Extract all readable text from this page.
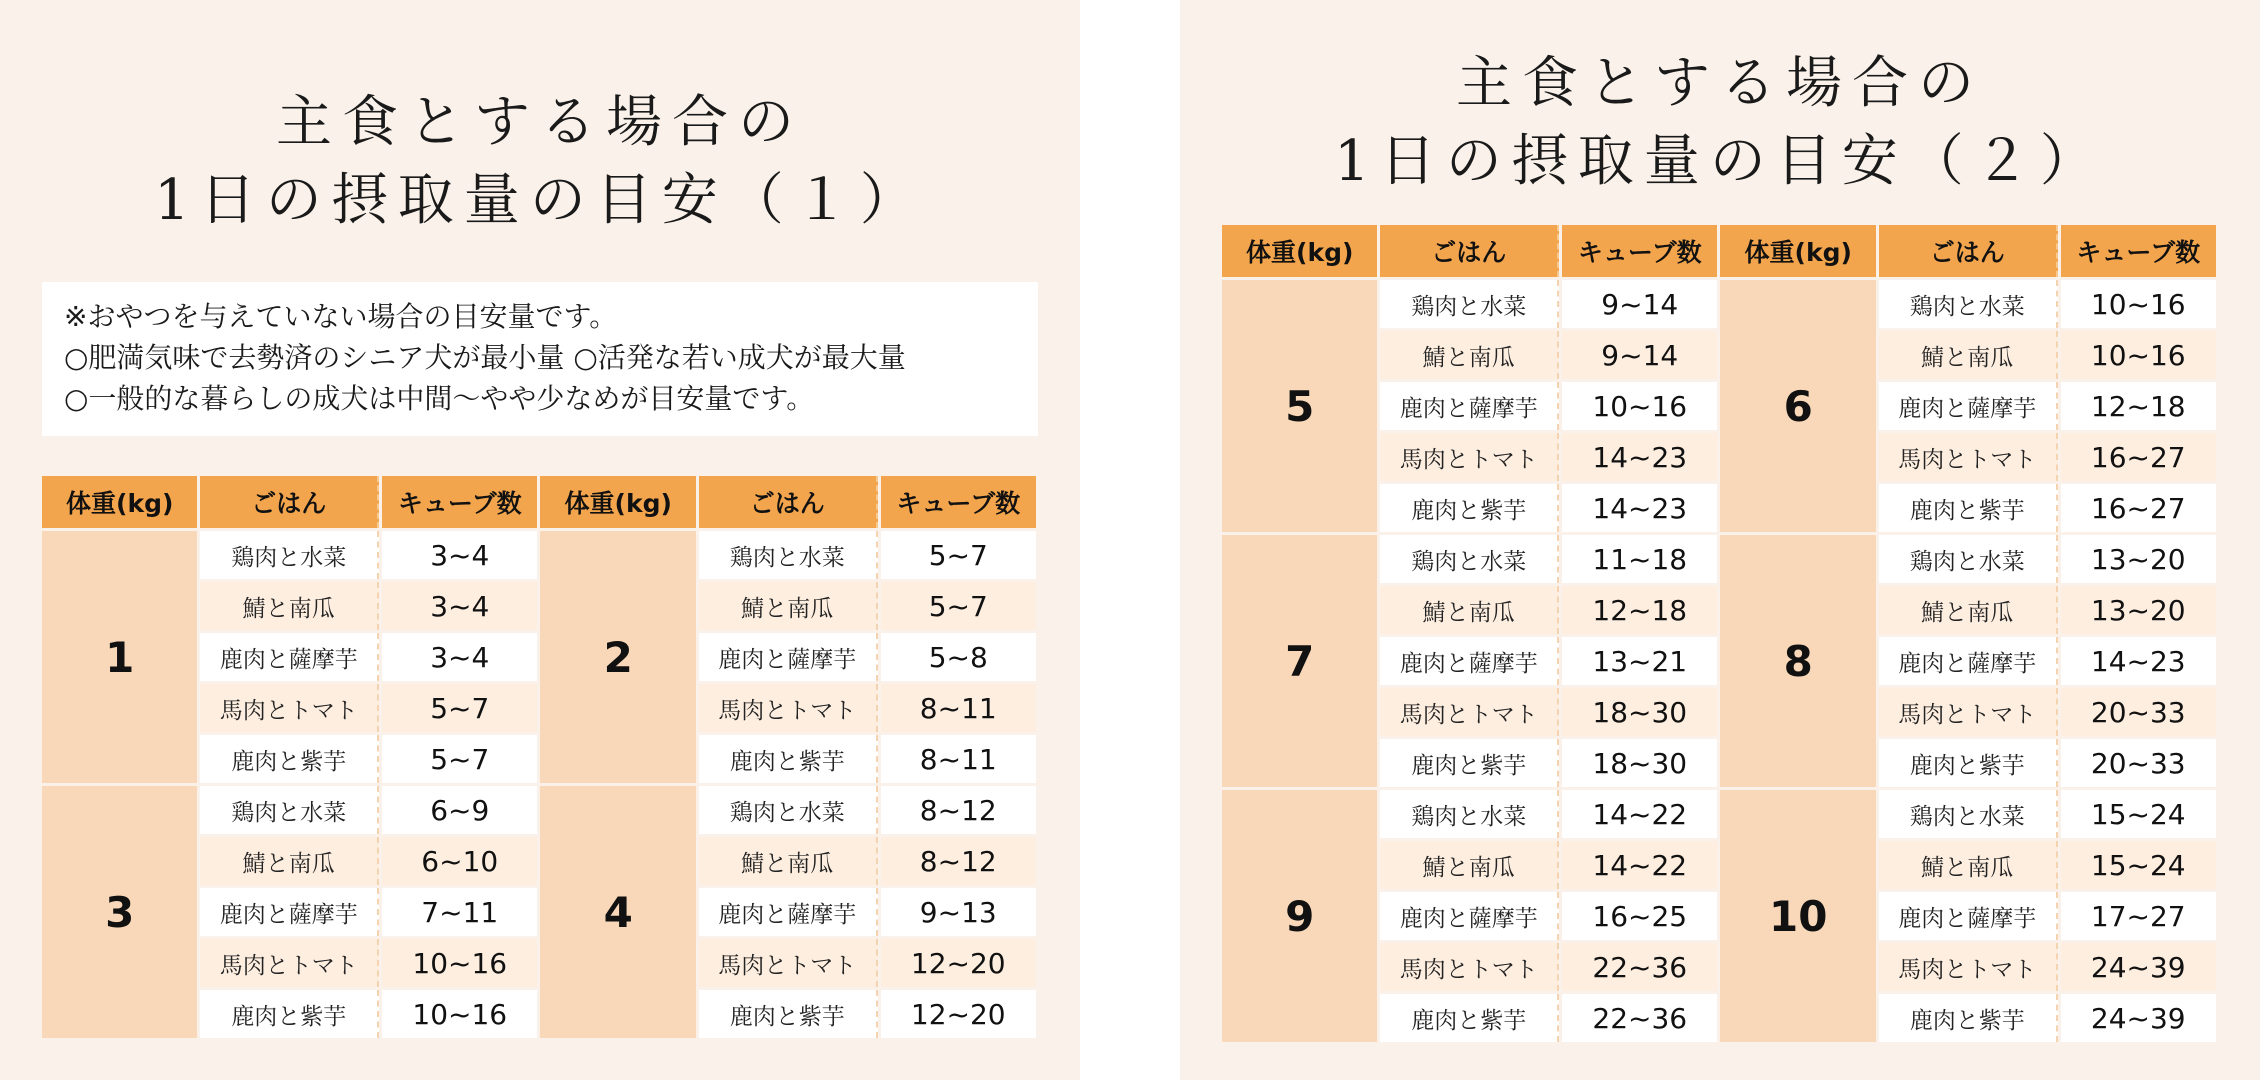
主食とする場合の
1日の摂取量の目安（１）
※おやつを与えていない場合の目安量です。
○肥満気味で去勢済のシニア犬が最小量 ○活発な若い成犬が最大量
○一般的な暮らしの成犬は中間〜やや少なめが目安量です。
体重(kg)	ごはん	キューブ数	体重(kg)	ごはん	キューブ数
1	鶏肉と水菜	3~4	2	鶏肉と水菜	5~7
	鯖と南瓜	3~4		鯖と南瓜	5~7
	鹿肉と薩摩芋	3~4		鹿肉と薩摩芋	5~8
	馬肉とトマト	5~7		馬肉とトマト	8~11
	鹿肉と紫芋	5~7		鹿肉と紫芋	8~11
3	鶏肉と水菜	6~9	4	鶏肉と水菜	8~12
	鯖と南瓜	6~10		鯖と南瓜	8~12
	鹿肉と薩摩芋	7~11		鹿肉と薩摩芋	9~13
	馬肉とトマト	10~16		馬肉とトマト	12~20
	鹿肉と紫芋	10~16		鹿肉と紫芋	12~20
主食とする場合の
1日の摂取量の目安（２）
体重(kg)	ごはん	キューブ数	体重(kg)	ごはん	キューブ数
5	鶏肉と水菜	9~14	6	鶏肉と水菜	10~16
	鯖と南瓜	9~14		鯖と南瓜	10~16
	鹿肉と薩摩芋	10~16		鹿肉と薩摩芋	12~18
	馬肉とトマト	14~23		馬肉とトマト	16~27
	鹿肉と紫芋	14~23		鹿肉と紫芋	16~27
7	鶏肉と水菜	11~18	8	鶏肉と水菜	13~20
	鯖と南瓜	12~18		鯖と南瓜	13~20
	鹿肉と薩摩芋	13~21		鹿肉と薩摩芋	14~23
	馬肉とトマト	18~30		馬肉とトマト	20~33
	鹿肉と紫芋	18~30		鹿肉と紫芋	20~33
9	鶏肉と水菜	14~22	10	鶏肉と水菜	15~24
	鯖と南瓜	14~22		鯖と南瓜	15~24
	鹿肉と薩摩芋	16~25		鹿肉と薩摩芋	17~27
	馬肉とトマト	22~36		馬肉とトマト	24~39
	鹿肉と紫芋	22~36		鹿肉と紫芋	24~39
